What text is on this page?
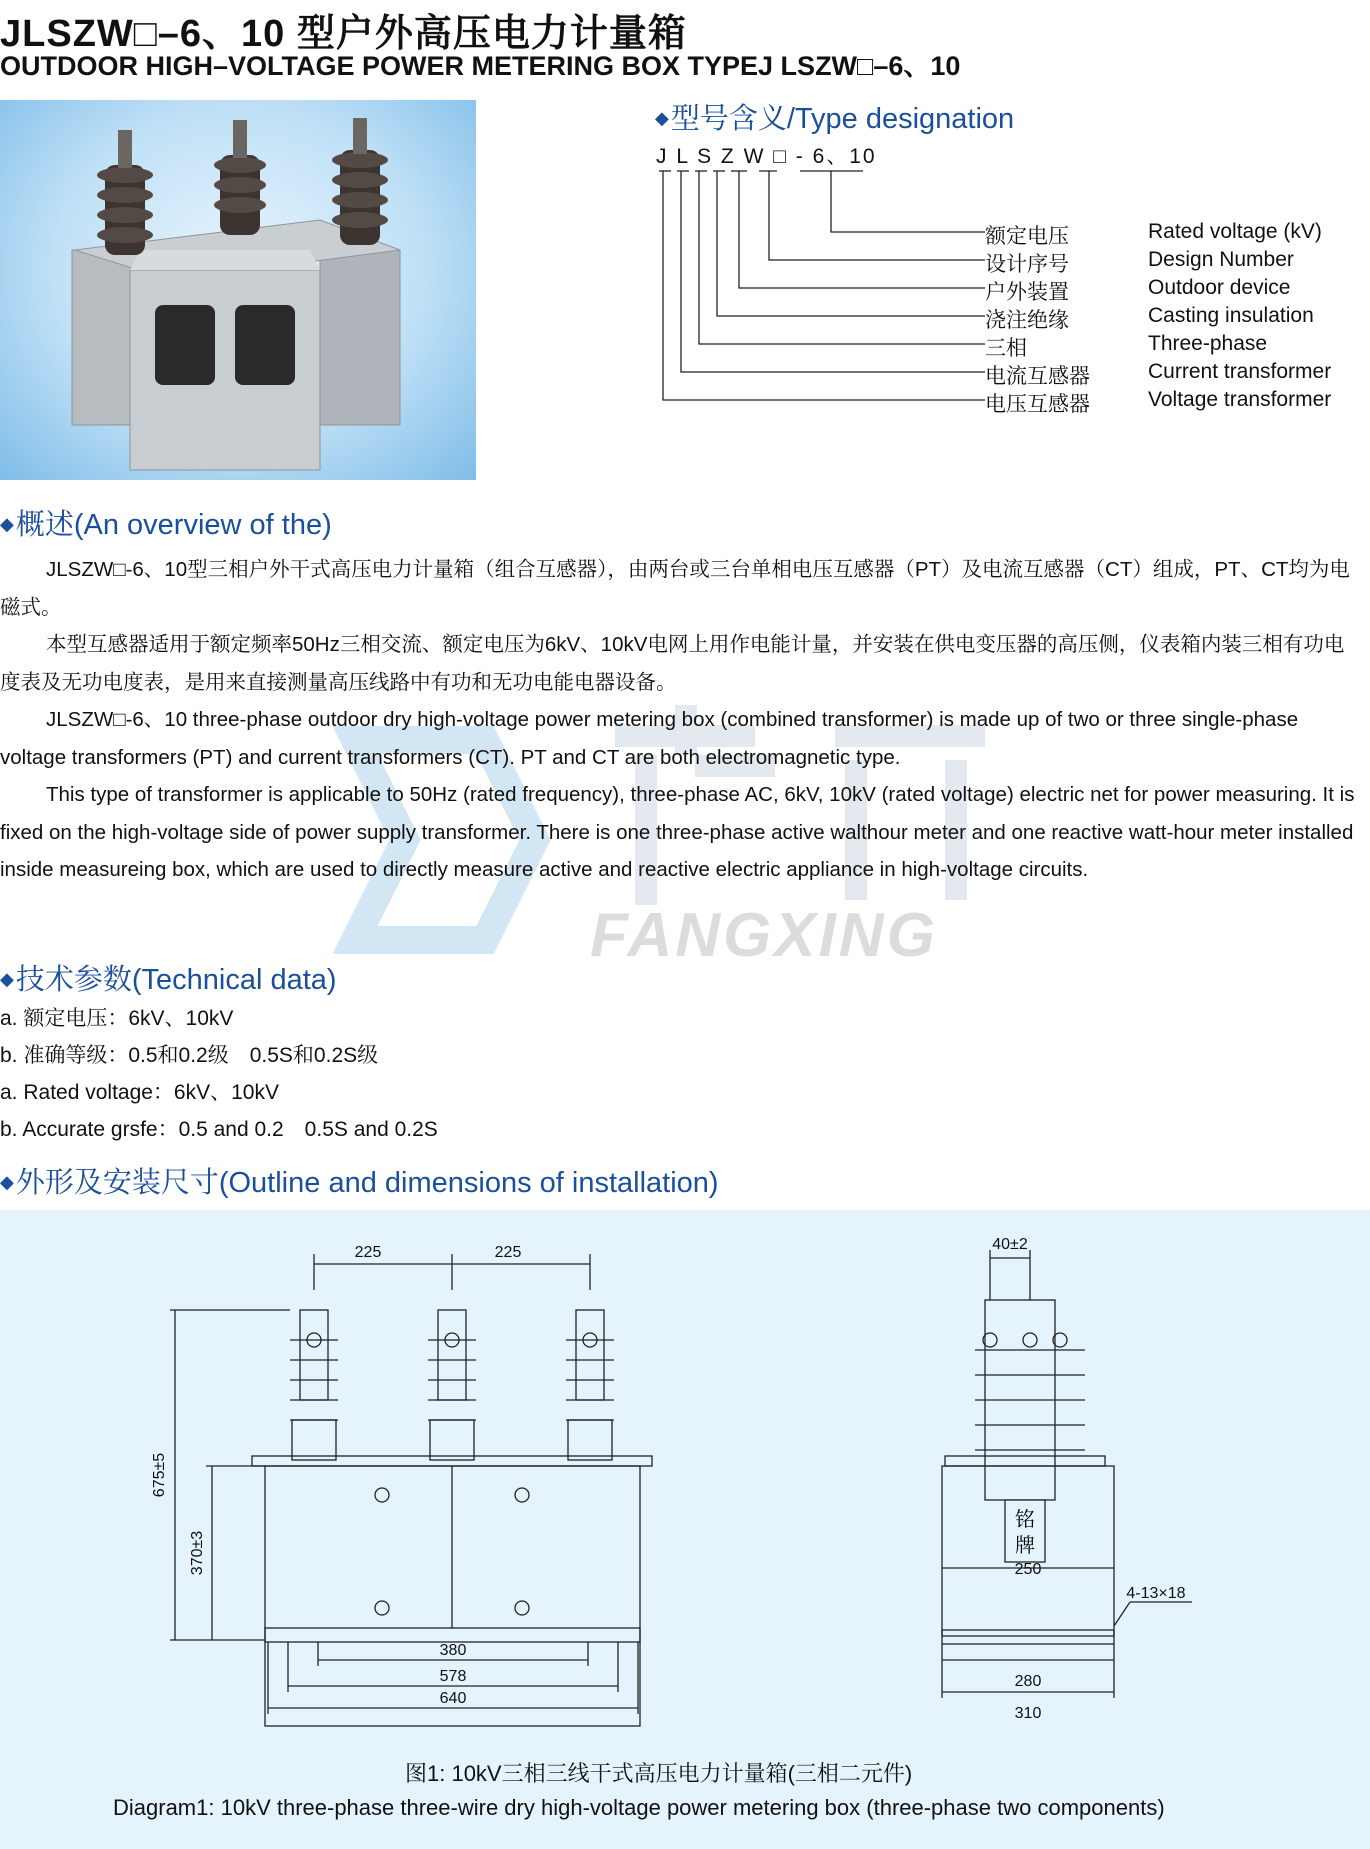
JLSZW□–6、10 型户外高压电力计量箱
OUTDOOR HIGH–VOLTAGE POWER METERING BOX TYPEJ LSZW□–6、10
◆型号含义/Type designation
J L S Z W □ - 6、10
额定电压
设计序号
户外装置
浇注绝缘
三相
电流互感器
电压互感器
Rated voltage (kV)
Design Number
Outdoor device
Casting insulation
Three-phase
Current transformer
Voltage transformer
FANGXING
◆概述(An overview of the)

JLSZW□-6、10型三相户外干式高压电力计量箱（组合互感器），由两台或三台单相电压互感器（PT）及电流互感器（CT）组成，PT、CT均为电磁式。

本型互感器适用于额定频率50Hz三相交流、额定电压为6kV、10kV电网上用作电能计量，并安装在供电变压器的高压侧，仪表箱内装三相有功电度表及无功电度表，是用来直接测量高压线路中有功和无功电能电器设备。

JLSZW□-6、10 three-phase outdoor dry high-voltage power metering box (combined transformer) is made up of two or three single-phase voltage transformers (PT) and current transformers (CT). PT and CT are both electromagnetic type.

This type of transformer is applicable to 50Hz (rated frequency), three-phase AC, 6kV, 10kV (rated voltage) electric net for power measuring. It is fixed on the high-voltage side of power supply transformer. There is one three-phase active walthour meter and one reactive watt-hour meter installed inside measureing box, which are used to directly measure active and reactive electric appliance in high-voltage circuits.

◆技术参数(Technical data)
a. 额定电压：6kV、10kV
b. 准确等级：0.5和0.2级　0.5S和0.2S级
a. Rated voltage：6kV、10kV
b. Accurate grsfe：0.5 and 0.2　0.5S and 0.2S
◆外形及安装尺寸(Outline and dimensions of installation)
225	225
675±5
370±3
380
578
640
40±2
铭
牌
250
4-13×18
280
310
图1: 10kV三相三线干式高压电力计量箱(三相二元件)
Diagram1: 10kV three-phase three-wire dry high-voltage power metering box (three-phase two components)
